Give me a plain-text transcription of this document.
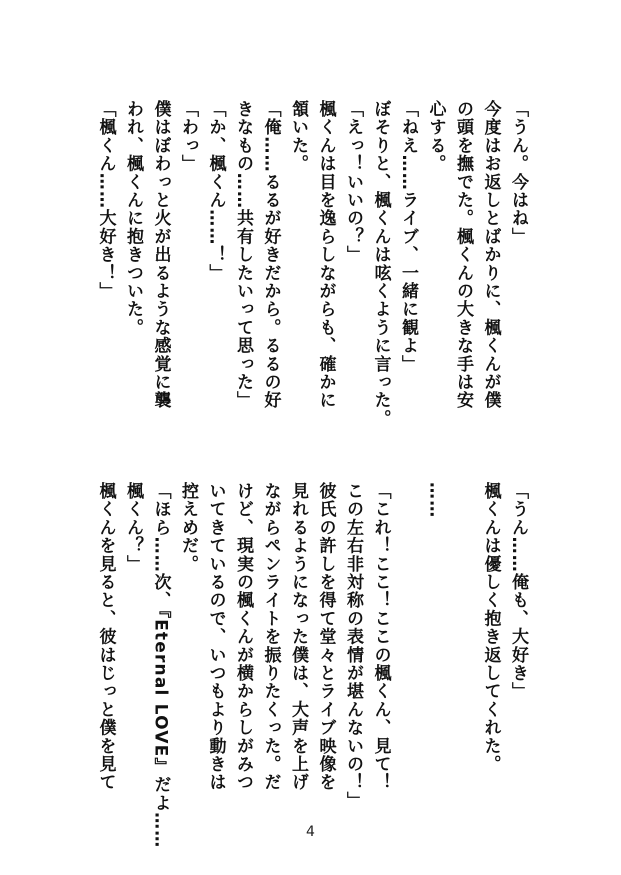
「うん。今はね」

今度はお返しとばかりに、楓くんが僕

の頭を撫でた。楓くんの大きな手は安

心する。

「ねえ……ライブ、一緒に観よ」

ぼそりと、楓くんは呟くように言った。

「えっ！いいの？」

楓くんは目を逸らしながらも、確かに

頷いた。

「俺……るるが好きだから。るるの好

きなもの……共有したいって思った」

「か、楓くん……！」

「わっ」

僕はぼわっと火が出るような感覚に襲

われ、楓くんに抱きついた。

「楓くん……大好き！」

「うん……俺も、大好き」

楓くんは優しく抱き返してくれた。

……

「これ！ここ！ここの楓くん、見て！

この左右非対称の表情が堪んないの！」

彼氏の許しを得て堂々とライブ映像を

見れるようになった僕は、大声を上げ

ながらペンライトを振りたくった。だ

けど、現実の楓くんが横からしがみつ

いてきているので、いつもより動きは

控えめだ。

「ほら……次、『Eternal LOVE』だよ……

楓くん？」

楓くんを見ると、彼はじっと僕を見て

4
